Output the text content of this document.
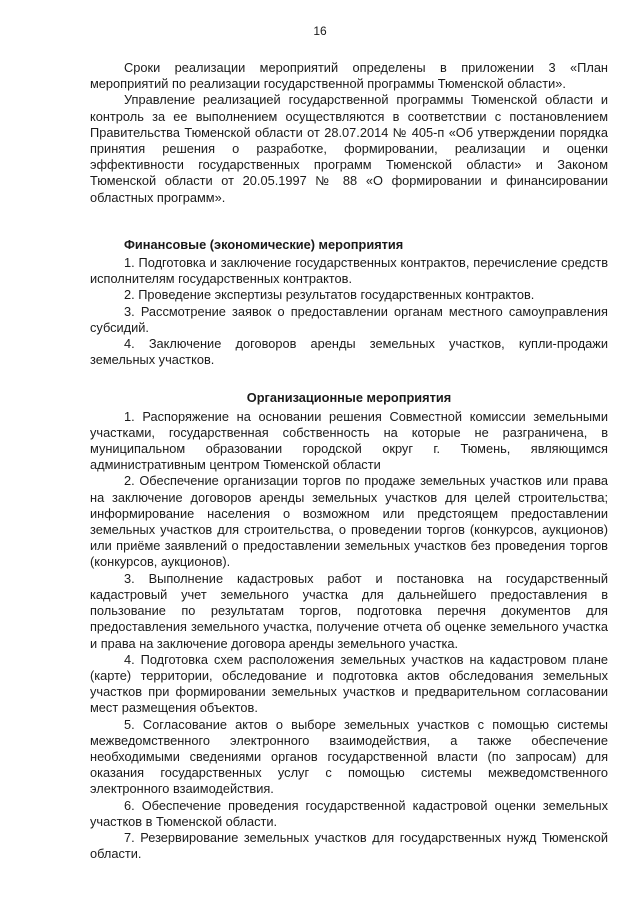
16

Сроки реализации мероприятий определены в приложении 3 «План мероприятий по реализации государственной программы Тюменской области».

Управление реализацией государственной программы Тюменской области и контроль за ее выполнением осуществляются в соответствии с постановлением Правительства Тюменской области от 28.07.2014 № 405-п «Об утверждении порядка принятия решения о разработке, формировании, реализации и оценки эффективности государственных программ Тюменской области» и Законом Тюменской области от 20.05.1997 № 88 «О формировании и финансировании областных программ».

Финансовые (экономические) мероприятия

1. Подготовка и заключение государственных контрактов, перечисление средств исполнителям государственных контрактов.

2. Проведение экспертизы результатов государственных контрактов.

3. Рассмотрение заявок о предоставлении органам местного самоуправления субсидий.

4. Заключение договоров аренды земельных участков, купли-продажи земельных участков.

Организационные мероприятия

1. Распоряжение на основании решения Совместной комиссии земельными участками, государственная собственность на которые не разграничена, в муниципальном образовании городской округ г. Тюмень, являющимся административным центром Тюменской области

2. Обеспечение организации торгов по продаже земельных участков или права на заключение договоров аренды земельных участков для целей строительства; информирование населения о возможном или предстоящем предоставлении земельных участков для строительства, о проведении торгов (конкурсов, аукционов) или приёме заявлений о предоставлении земельных участков без проведения торгов (конкурсов, аукционов).

3. Выполнение кадастровых работ и постановка на государственный кадастровый учет земельного участка для дальнейшего предоставления в пользование по результатам торгов, подготовка перечня документов для предоставления земельного участка, получение отчета об оценке земельного участка и права на заключение договора аренды земельного участка.

4. Подготовка схем расположения земельных участков на кадастровом плане (карте) территории, обследование и подготовка актов обследования земельных участков при формировании земельных участков и предварительном согласовании мест размещения объектов.

5. Согласование актов о выборе земельных участков с помощью системы межведомственного электронного взаимодействия, а также обеспечение необходимыми сведениями органов государственной власти (по запросам) для оказания государственных услуг с помощью системы межведомственного электронного взаимодействия.

6. Обеспечение проведения государственной кадастровой оценки земельных участков в Тюменской области.

7. Резервирование земельных участков для государственных нужд Тюменской области.
